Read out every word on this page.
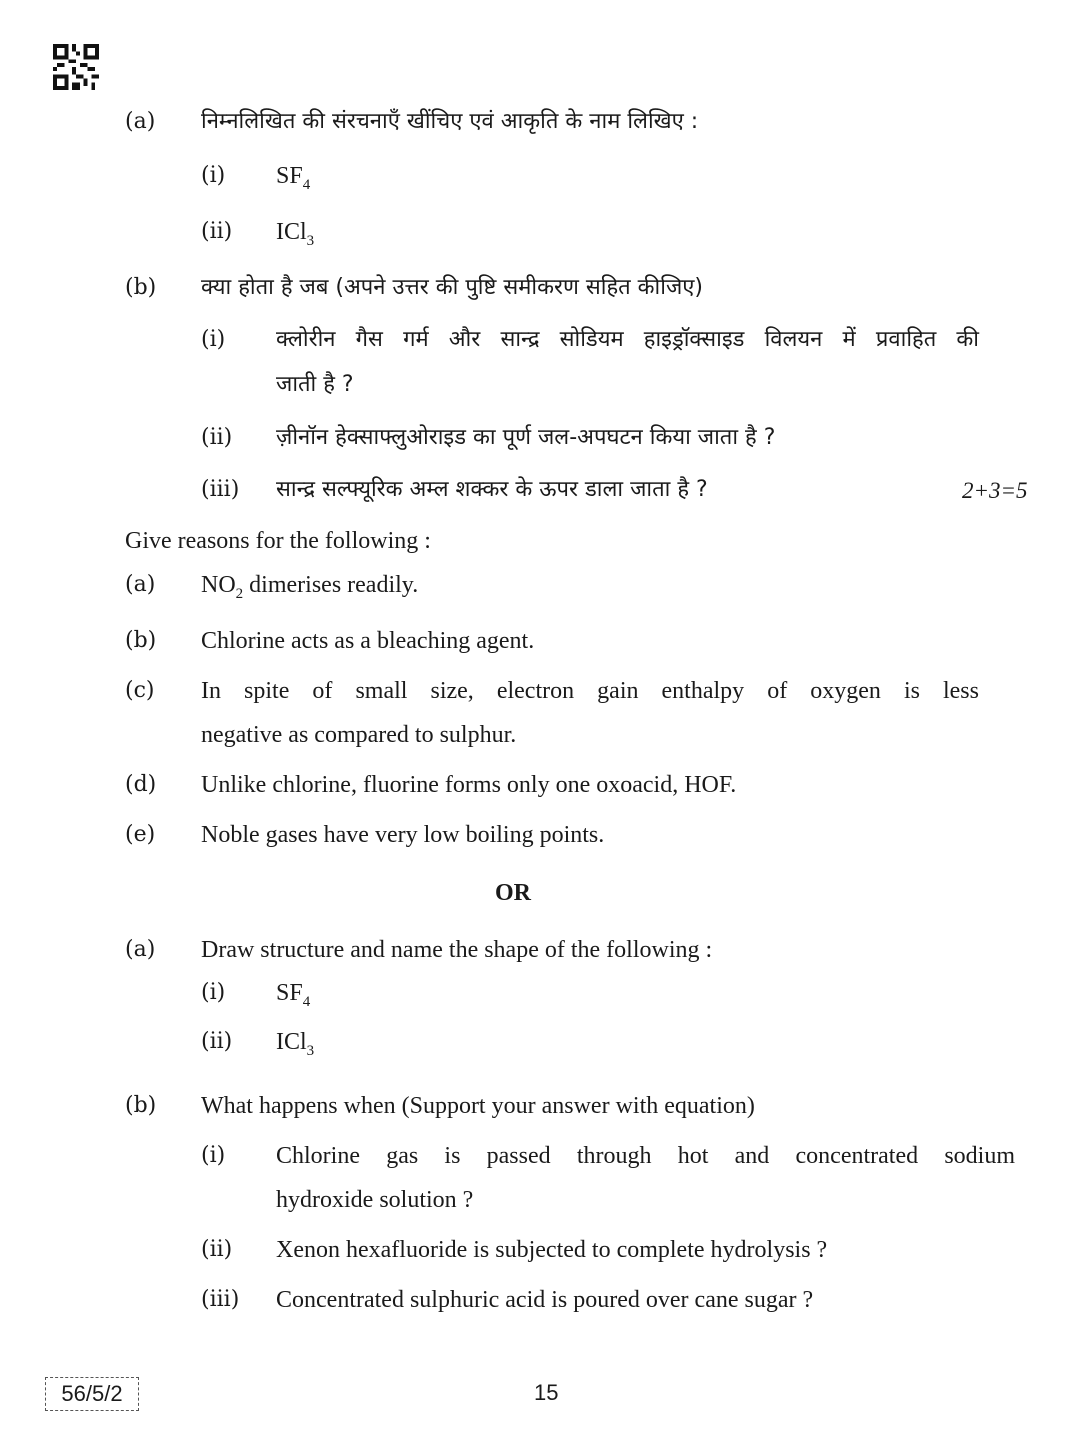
(a) निम्नलिखित की संरचनाएँ खींचिए एवं आकृति के नाम लिखिए :
(i) $SF_4$
(ii) ICl$_3$
(b) क्या होता है जब (अपने उत्तर की पुष्टि समीकरण सहित कीजिए)
(i) क्लोरीन गैस गर्म और सान्द्र सोडियम हाइड्रॉक्साइड विलयन में प्रवाहित की
जाती है ?
(ii) ज़ीनॉन हेक्साफ्लुओराइड का पूर्ण जल-अपघटन किया जाता है ?
(iii) सान्द्र सल्फ्यूरिक अम्ल शक्कर के ऊपर डाला जाता है ?	2+3=5
Give reasons for the following :
(a) $NO_2$ dimerises readily.
(b) Chlorine acts as a bleaching agent.
(c) In spite of small size, electron gain enthalpy of oxygen is less
negative as compared to sulphur.
(d) Unlike chlorine, fluorine forms only one oxoacid, HOF.
(e) Noble gases have very low boiling points.
OR
(a) Draw structure and name the shape of the following :
(i) $SF_4$
(ii) ICl$_3$
(b) What happens when (Support your answer with equation)
(i) Chlorine gas is passed through hot and concentrated sodium
hydroxide solution ?
(ii) Xenon hexafluoride is subjected to complete hydrolysis ?
(iii) Concentrated sulphuric acid is poured over cane sugar ?
56/5/2	15
